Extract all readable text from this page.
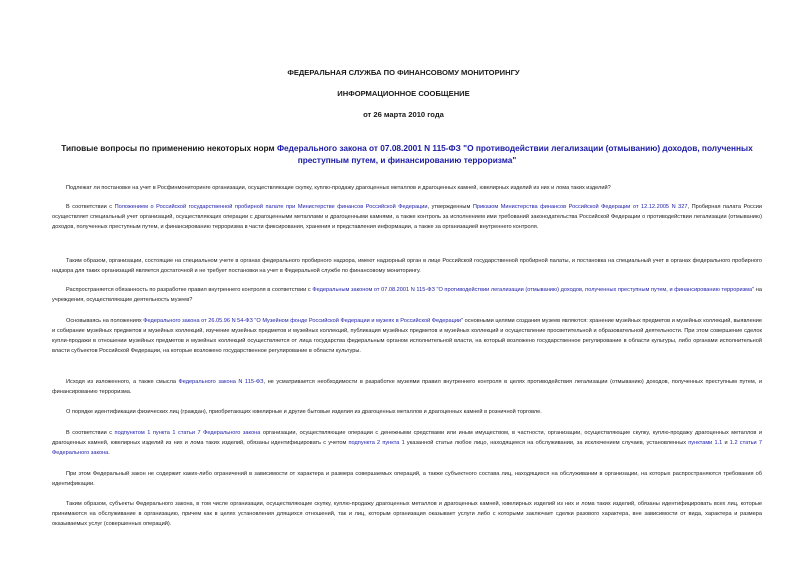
ФЕДЕРАЛЬНАЯ СЛУЖБА ПО ФИНАНСОВОМУ МОНИТОРИНГУ

ИНФОРМАЦИОННОЕ СООБЩЕНИЕ

от 26 марта 2010 года

Типовые вопросы по применению некоторых норм Федерального закона от 07.08.2001 N 115-ФЗ "О противодействии легализации (отмыванию) доходов, полученных преступным путем, и финансированию терроризма"

Подлежат ли постановке на учет в Росфинмониторинге организации, осуществляющие скупку, куплю-продажу драгоценных металлов и драгоценных камней, ювелирных изделий из них и лома таких изделий?

В соответствии с Положением о Российской государственной пробирной палате при Министерстве финансов Российской Федерации, утвержденным Приказом Министерства финансов Российской Федерации от 12.12.2005 N 327, Пробирная палата России осуществляет специальный учет организаций, осуществляющих операции с драгоценными металлами и драгоценными камнями, а также контроль за исполнением ими требований законодательства Российской Федерации о противодействии легализации (отмыванию) доходов, полученных преступным путем, и финансированию терроризма в части фиксирования, хранения и представления информации, а также за организацией внутреннего контроля.

Таким образом, организации, состоящие на специальном учете в органах федерального пробирного надзора, имеют надзорный орган в лице Российской государственной пробирной палаты, и постановка на специальный учет в органах федерального пробирного надзора для таких организаций является достаточной и не требует постановки на учет в Федеральной службе по финансовому мониторингу.

Распространяется обязанность по разработке правил внутреннего контроля в соответствии с Федеральным законом от 07.08.2001 N 115-ФЗ "О противодействии легализации (отмыванию) доходов, полученных преступным путем, и финансированию терроризма" на учреждения, осуществляющие деятельность музеев?

Основываясь на положениях Федерального закона от 26.05.96 N 54-ФЗ "О Музейном фонде Российской Федерации и музеях в Российской Федерации" основными целями создания музеев являются: хранение музейных предметов и музейных коллекций, выявление и собирание музейных предметов и музейных коллекций, изучение музейных предметов и музейных коллекций, публикация музейных предметов и музейных коллекций и осуществление просветительной и образовательной деятельности. При этом совершение сделок купли-продажи в отношении музейных предметов и музейных коллекций осуществляется от лица государства федеральным органом исполнительной власти, на который возложено государственное регулирование в области культуры, либо органами исполнительной власти субъектов Российской Федерации, на которые возложено государственное регулирование в области культуры.

Исходя из изложенного, а также смысла Федерального закона N 115-ФЗ, не усматривается необходимости в разработке музеями правил внутреннего контроля в целях противодействия легализации (отмыванию) доходов, полученных преступным путем, и финансированию терроризма.

О порядке идентификации физических лиц (граждан), приобретающих ювелирные и другие бытовые изделия из драгоценных металлов и драгоценных камней в розничной торговле.

В соответствии с подпунктом 1 пункта 1 статьи 7 Федерального закона организации, осуществляющие операции с денежными средствами или иным имуществом, в частности, организации, осуществляющие скупку, куплю-продажу драгоценных металлов и драгоценных камней, ювелирных изделий из них и лома таких изделий, обязаны идентифицировать с учетом подпункта 2 пункта 1 указанной статьи любое лицо, находящееся на обслуживании, за исключением случаев, установленных пунктами 1.1 и 1.2 статьи 7 Федерального закона.

При этом Федеральный закон не содержит каких-либо ограничений в зависимости от характера и размера совершаемых операций, а также субъектного состава лиц, находящихся на обслуживании в организации, на которых распространяются требования об идентификации.

Таким образом, субъекты Федерального закона, в том числе организации, осуществляющие скупку, куплю-продажу драгоценных металлов и драгоценных камней, ювелирных изделий из них и лома таких изделий, обязаны идентифицировать всех лиц, которые принимаются на обслуживание в организацию, причем как в целях установления длящихся отношений, так и лиц, которым организация оказывает услуги либо с которыми заключает сделки разового характера, вне зависимости от вида, характера и размера оказываемых услуг (совершенных операций).
